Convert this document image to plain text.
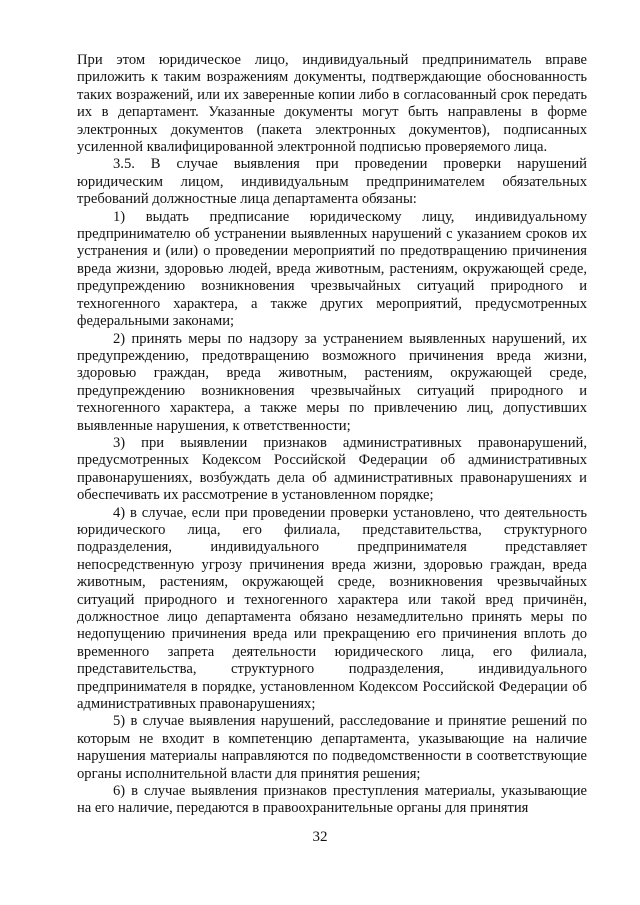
При этом юридическое лицо, индивидуальный предприниматель вправе приложить к таким возражениям документы, подтверждающие обоснованность таких возражений, или их заверенные копии либо в согласованный срок передать их в департамент. Указанные документы могут быть направлены в форме электронных документов (пакета электронных документов), подписанных усиленной квалифицированной электронной подписью проверяемого лица.

3.5. В случае выявления при проведении проверки нарушений юридическим лицом, индивидуальным предпринимателем обязательных требований должностные лица департамента обязаны:

1) выдать предписание юридическому лицу, индивидуальному предпринимателю об устранении выявленных нарушений с указанием сроков их устранения и (или) о проведении мероприятий по предотвращению причинения вреда жизни, здоровью людей, вреда животным, растениям, окружающей среде, предупреждению возникновения чрезвычайных ситуаций природного и техногенного характера, а также других мероприятий, предусмотренных федеральными законами;

2) принять меры по надзору за устранением выявленных нарушений, их предупреждению, предотвращению возможного причинения вреда жизни, здоровью граждан, вреда животным, растениям, окружающей среде, предупреждению возникновения чрезвычайных ситуаций природного и техногенного характера, а также меры по привлечению лиц, допустивших выявленные нарушения, к ответственности;

3) при выявлении признаков административных правонарушений, предусмотренных Кодексом Российской Федерации об административных правонарушениях, возбуждать дела об административных правонарушениях и обеспечивать их рассмотрение в установленном порядке;

4) в случае, если при проведении проверки установлено, что деятельность юридического лица, его филиала, представительства, структурного подразделения, индивидуального предпринимателя представляет непосредственную угрозу причинения вреда жизни, здоровью граждан, вреда животным, растениям, окружающей среде, возникновения чрезвычайных ситуаций природного и техногенного характера или такой вред причинён, должностное лицо департамента обязано незамедлительно принять меры по недопущению причинения вреда или прекращению его причинения вплоть до временного запрета деятельности юридического лица, его филиала, представительства, структурного подразделения, индивидуального предпринимателя в порядке, установленном Кодексом Российской Федерации об административных правонарушениях;

5) в случае выявления нарушений, расследование и принятие решений по которым не входит в компетенцию департамента, указывающие на наличие нарушения материалы направляются по подведомственности в соответствующие органы исполнительной власти для принятия решения;

6) в случае выявления признаков преступления материалы, указывающие на его наличие, передаются в правоохранительные органы для принятия

32
